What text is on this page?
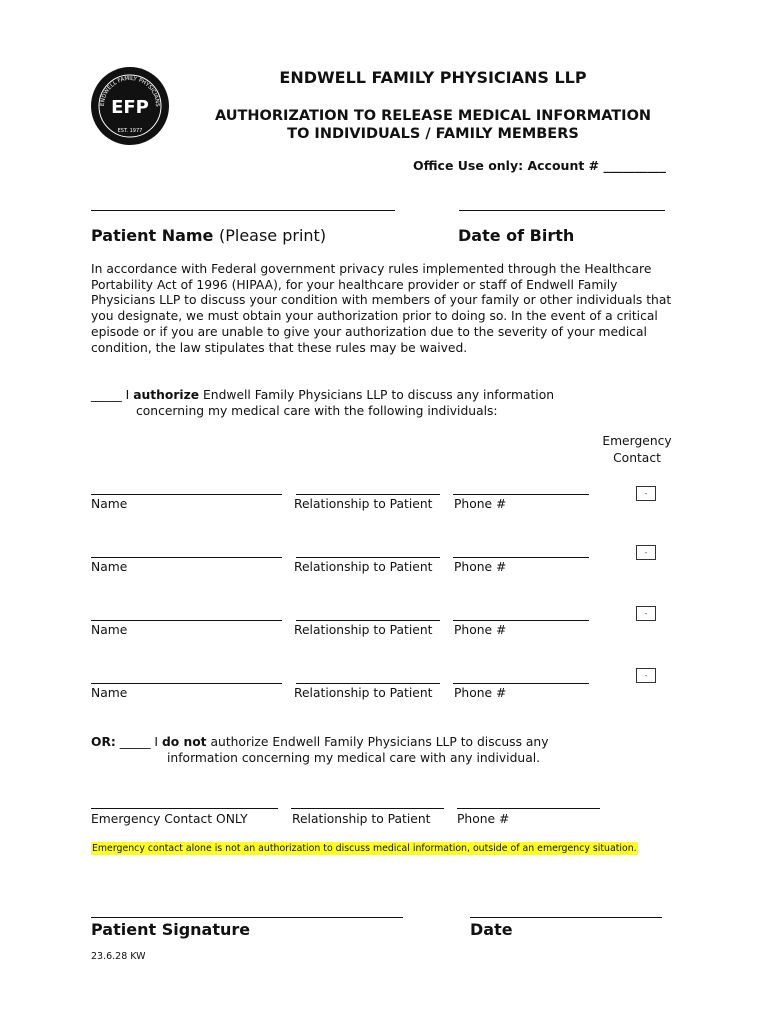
ENDWELL FAMILY PHYSICIANS
EFP
EST. 1977
ENDWELL FAMILY PHYSICIANS LLP
AUTHORIZATION TO RELEASE MEDICAL INFORMATION
TO INDIVIDUALS / FAMILY MEMBERS
Office Use only: Account # __________
Patient Name (Please print)	Date of Birth
In accordance with Federal government privacy rules implemented through the Healthcare Portability Act of 1996 (HIPAA), for your healthcare provider or staff of Endwell Family Physicians LLP to discuss your condition with members of your family or other individuals that you designate, we must obtain your authorization prior to doing so. In the event of a critical episode or if you are unable to give your authorization due to the severity of your medical condition, the law stipulates that these rules may be waived.
_____ I authorize Endwell Family Physicians LLP to discuss any information
concerning my medical care with the following individuals:
Emergency
Contact
Name	Relationship to Patient Phone #
-
Name	Relationship to Patient Phone #
-
Name	Relationship to Patient Phone #
-
Name	Relationship to Patient Phone #
-
OR: _____ I do not authorize Endwell Family Physicians LLP to discuss any
information concerning my medical care with any individual.
Emergency Contact ONLY	Relationship to Patient Phone #
Emergency contact alone is not an authorization to discuss medical information, outside of an emergency situation.
Patient Signature	Date
23.6.28 KW
